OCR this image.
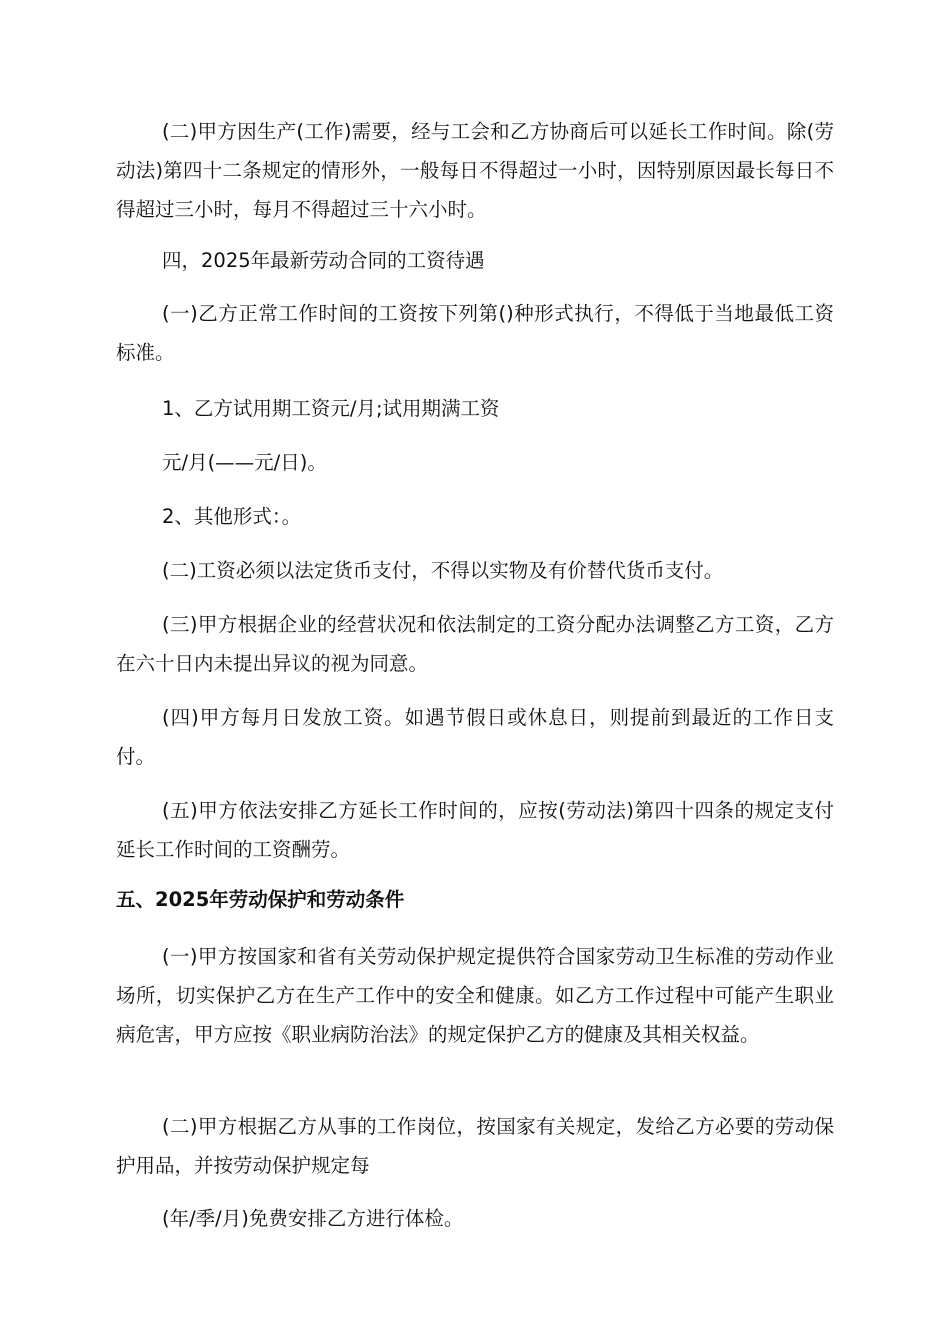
(二)甲方因生产(工作)需要，经与工会和乙方协商后可以延长工作时间。除(劳动法)第四十二条规定的情形外，一般每日不得超过一小时，因特别原因最长每日不得超过三小时，每月不得超过三十六小时。

四，2025年最新劳动合同的工资待遇

(一)乙方正常工作时间的工资按下列第()种形式执行，不得低于当地最低工资标准。

1、乙方试用期工资元/月;试用期满工资

元/月(——元/日)。

2、其他形式：。

(二)工资必须以法定货币支付，不得以实物及有价替代货币支付。

(三)甲方根据企业的经营状况和依法制定的工资分配办法调整乙方工资，乙方在六十日内未提出异议的视为同意。

(四)甲方每月日发放工资。如遇节假日或休息日，则提前到最近的工作日支付。

(五)甲方依法安排乙方延长工作时间的，应按(劳动法)第四十四条的规定支付延长工作时间的工资酬劳。

五、2025年劳动保护和劳动条件

(一)甲方按国家和省有关劳动保护规定提供符合国家劳动卫生标准的劳动作业场所，切实保护乙方在生产工作中的安全和健康。如乙方工作过程中可能产生职业病危害，甲方应按《职业病防治法》的规定保护乙方的健康及其相关权益。

(二)甲方根据乙方从事的工作岗位，按国家有关规定，发给乙方必要的劳动保护用品，并按劳动保护规定每

(年/季/月)免费安排乙方进行体检。
